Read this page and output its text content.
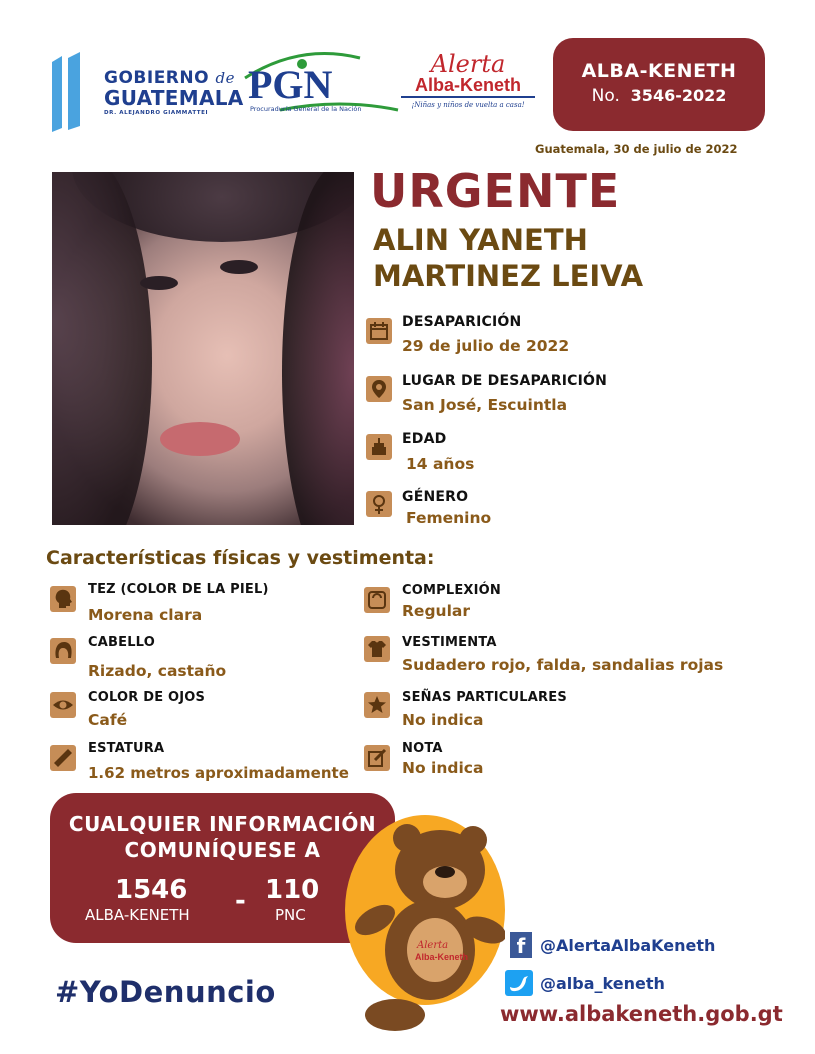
GOBIERNO de
GUATEMALA
DR. ALEJANDRO GIAMMATTEI
PGN
Procuraduría General de la Nación
Alerta
Alba-Keneth
¡Niñas y niños de vuelta a casa!
ALBA-KENETH
No. 3546-2022
Guatemala, 30 de julio de 2022
URGENTE
ALIN YANETH
MARTINEZ LEIVA
DESAPARICIÓN
29 de julio de 2022
LUGAR DE DESAPARICIÓN
San José, Escuintla
EDAD
14 años
GÉNERO
Femenino
Características físicas y vestimenta:
TEZ (COLOR DE LA PIEL)
Morena clara
CABELLO
Rizado, castaño
COLOR DE OJOS
Café
ESTATURA
1.62 metros aproximadamente
COMPLEXIÓN
Regular
VESTIMENTA
Sudadero rojo, falda, sandalias rojas
SEÑAS PARTICULARES
No indica
NOTA
No indica
CUALQUIER INFORMACIÓN
COMUNÍQUESE A
1546
ALBA-KENETH - 110
PNC
Alerta
Alba-Keneth
#YoDenuncio
f @AlertaAlbaKeneth
@alba_keneth
www.albakeneth.gob.gt
